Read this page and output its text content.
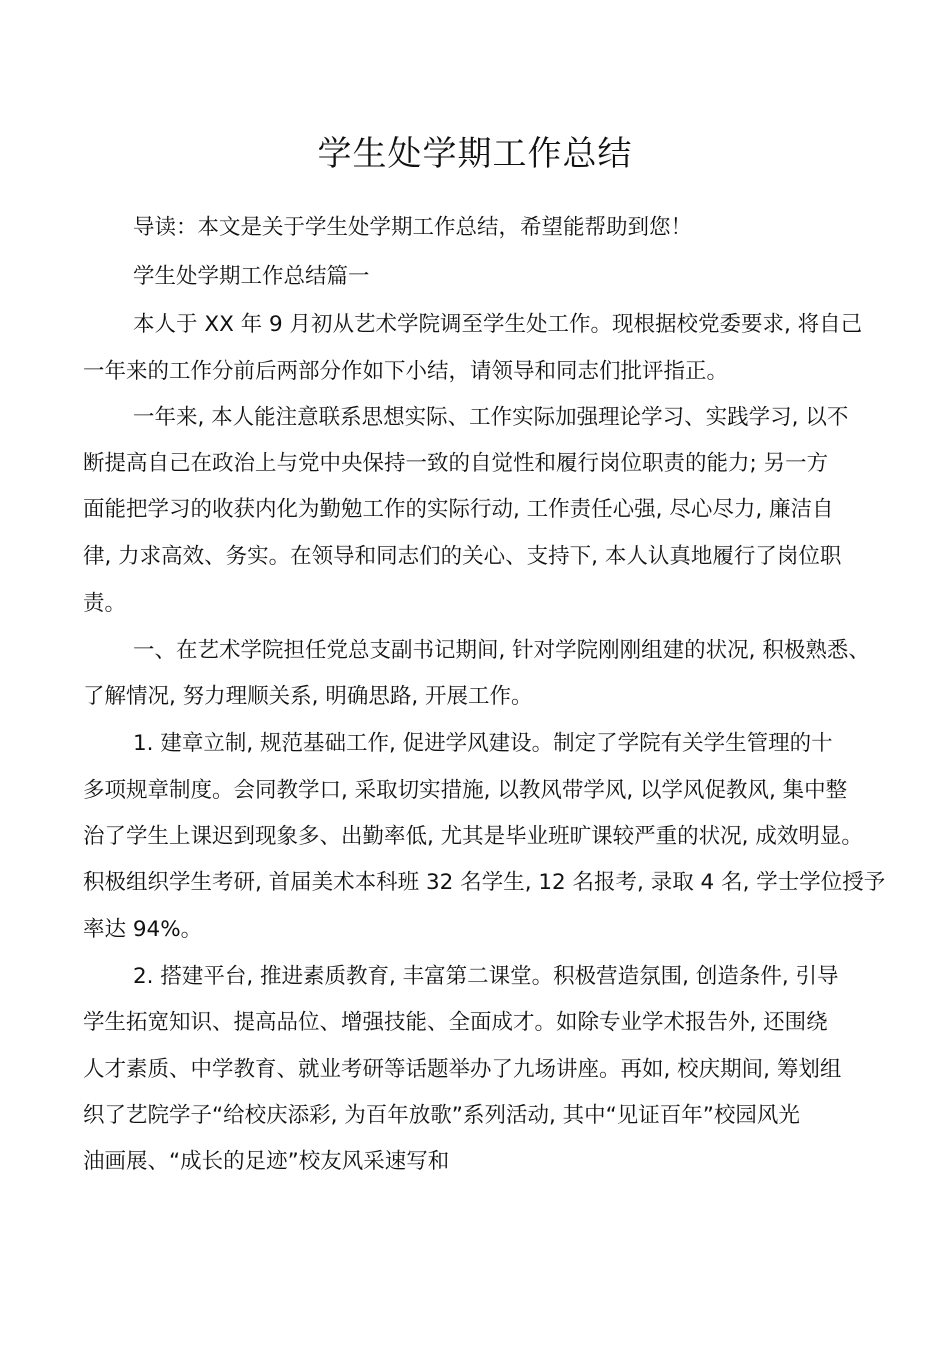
学生处学期工作总结
导读：本文是关于学生处学期工作总结，希望能帮助到您！
学生处学期工作总结篇一
本人于 XX 年 9 月初从艺术学院调至学生处工作。现根据校党委要求, 将自己
一年来的工作分前后两部分作如下小结，请领导和同志们批评指正。
一年来, 本人能注意联系思想实际、工作实际加强理论学习、实践学习, 以不
断提高自己在政治上与党中央保持一致的自觉性和履行岗位职责的能力; 另一方
面能把学习的收获内化为勤勉工作的实际行动, 工作责任心强, 尽心尽力, 廉洁自
律, 力求高效、务实。在领导和同志们的关心、支持下, 本人认真地履行了岗位职
责。
一、在艺术学院担任党总支副书记期间, 针对学院刚刚组建的状况, 积极熟悉、
了解情况, 努力理顺关系, 明确思路, 开展工作。
1. 建章立制, 规范基础工作, 促进学风建设。制定了学院有关学生管理的十
多项规章制度。会同教学口, 采取切实措施, 以教风带学风, 以学风促教风, 集中整
治了学生上课迟到现象多、出勤率低, 尤其是毕业班旷课较严重的状况, 成效明显。
积极组织学生考研, 首届美术本科班 32 名学生, 12 名报考, 录取 4 名, 学士学位授予
率达 94%。
2. 搭建平台, 推进素质教育, 丰富第二课堂。积极营造氛围, 创造条件, 引导
学生拓宽知识、提高品位、增强技能、全面成才。如除专业学术报告外, 还围绕
人才素质、中学教育、就业考研等话题举办了九场讲座。再如, 校庆期间, 筹划组
织了艺院学子“给校庆添彩, 为百年放歌”系列活动, 其中“见证百年”校园风光
油画展、“成长的足迹”校友风采速写和
